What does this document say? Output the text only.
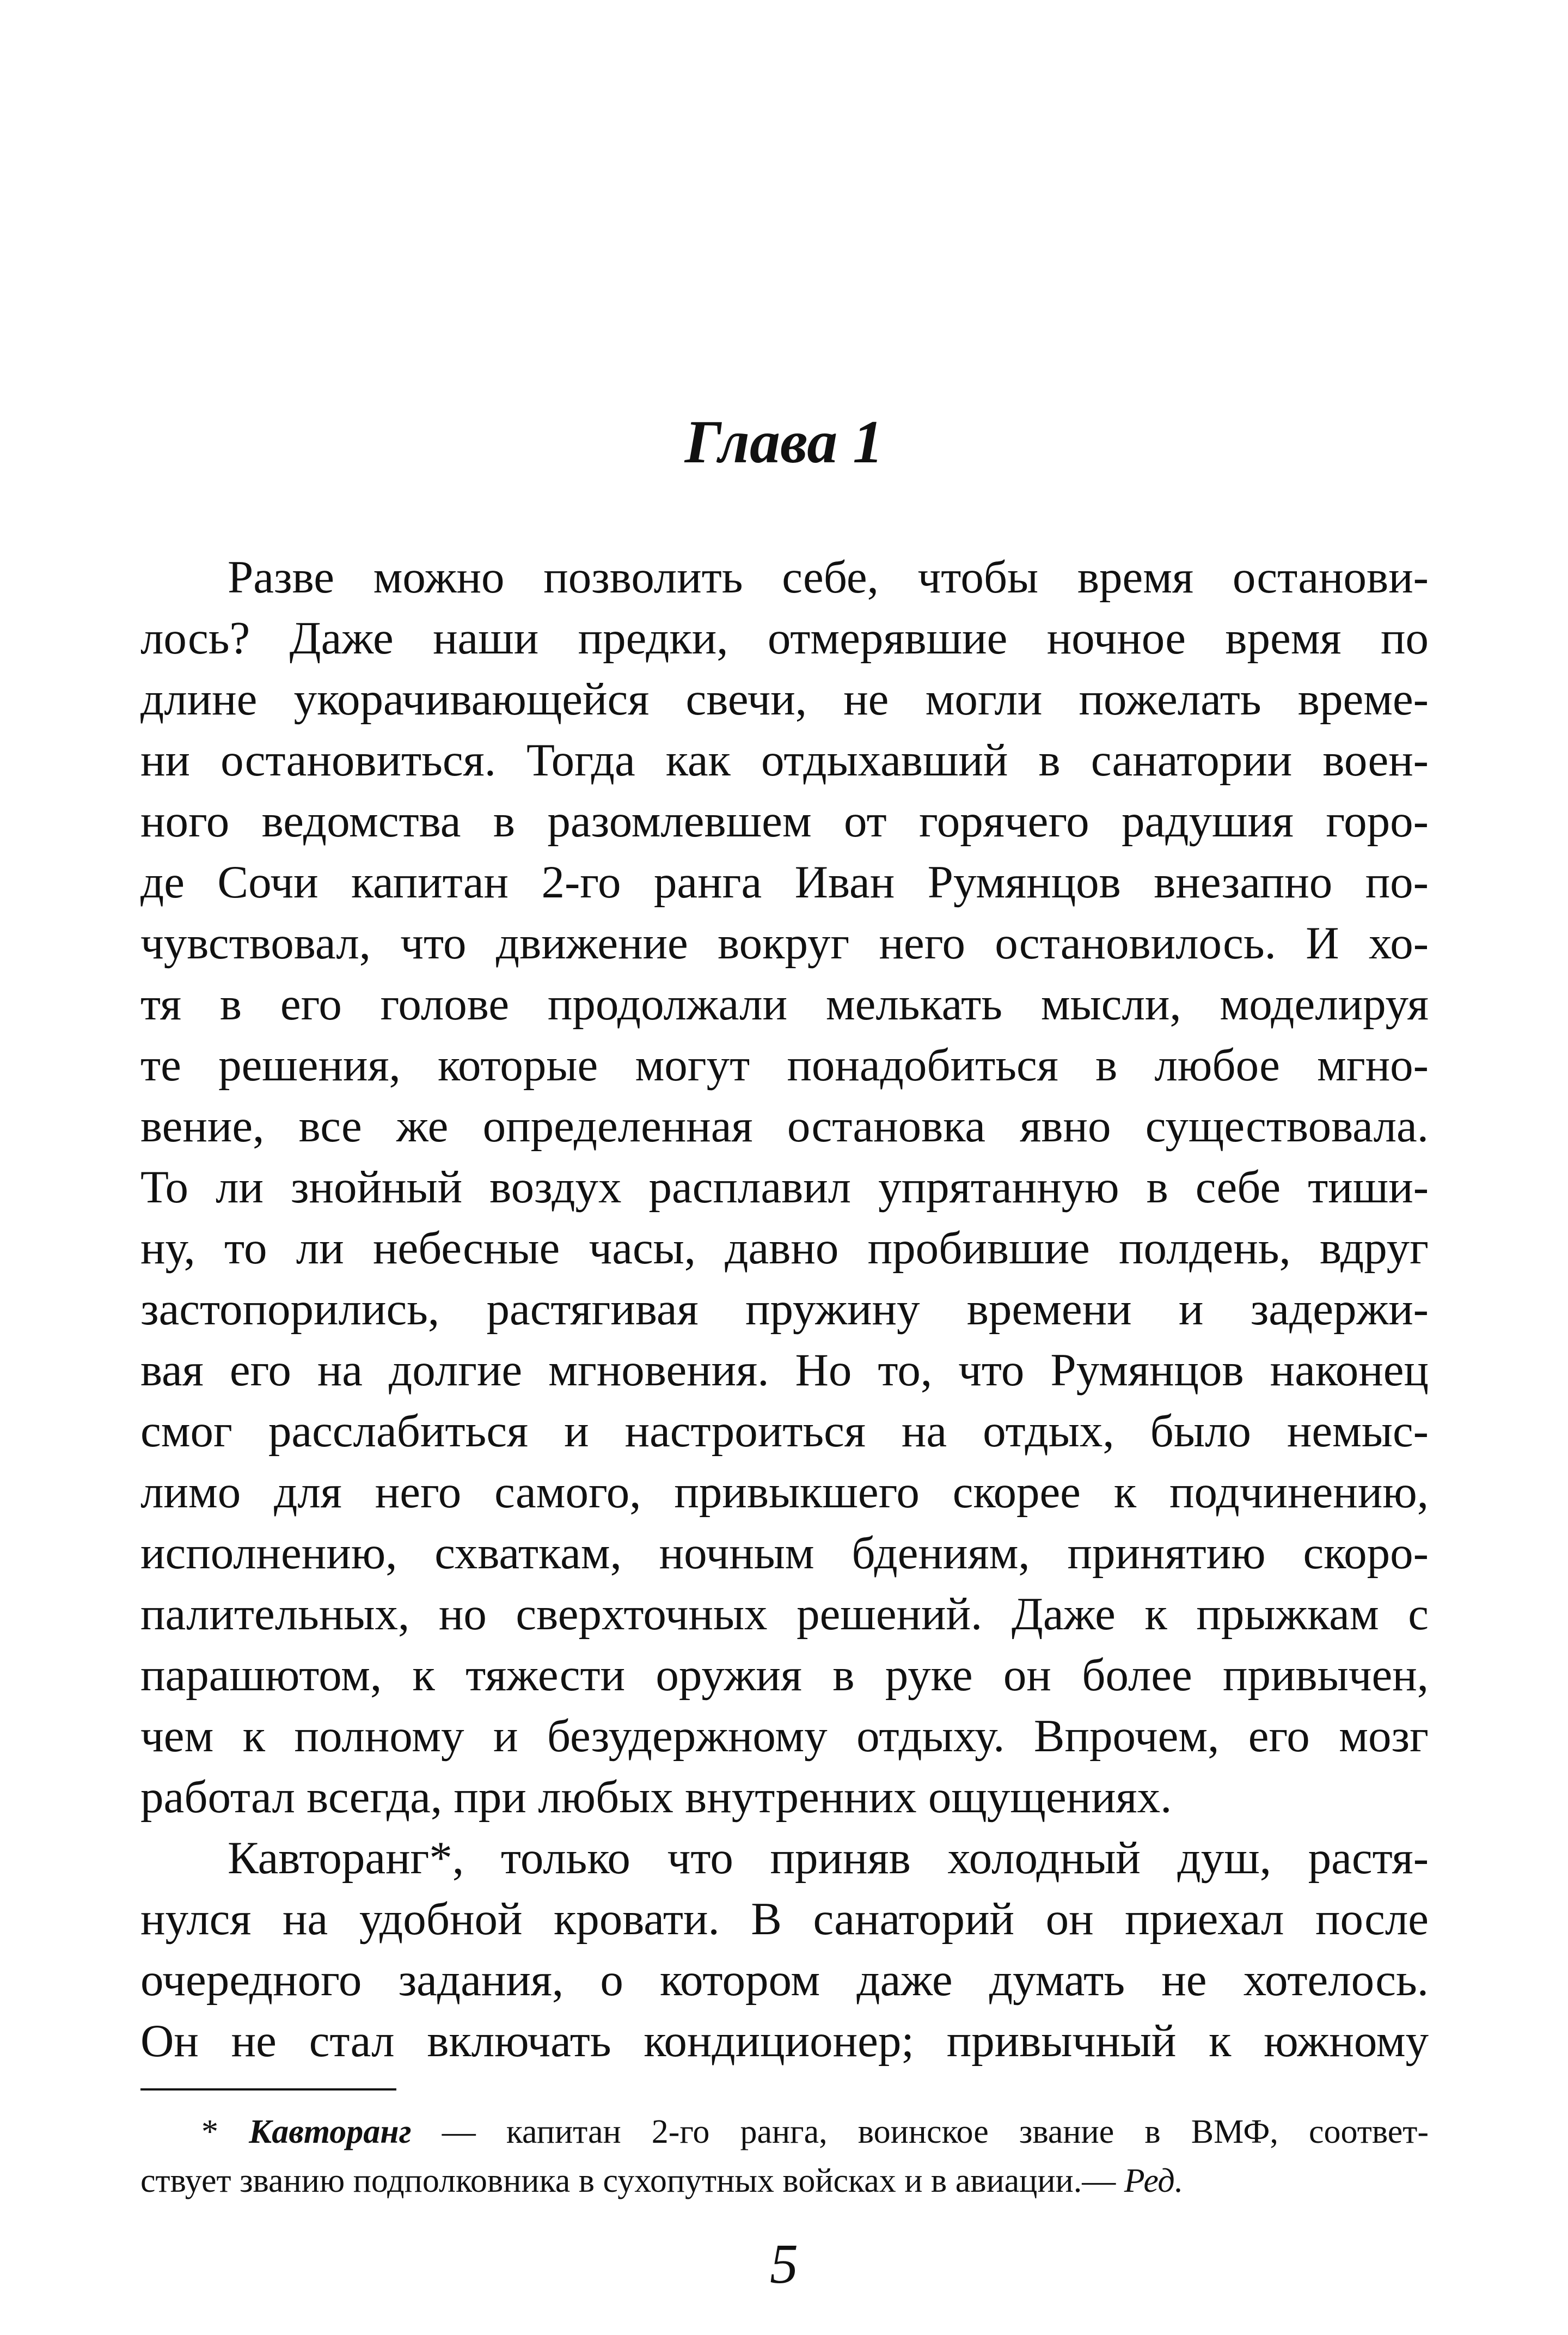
Глава 1
Разве можно позволить себе, чтобы время останови-
лось? Даже наши предки, отмерявшие ночное время по
длине укорачивающейся свечи, не могли пожелать време-
ни остановиться. Тогда как отдыхавший в санатории воен-
ного ведомства в разомлевшем от горячего радушия горо-
де Сочи капитан 2-го ранга Иван Румянцов внезапно по-
чувствовал, что движение вокруг него остановилось. И хо-
тя в его голове продолжали мелькать мысли, моделируя
те решения, которые могут понадобиться в любое мгно-
вение, все же определенная остановка явно существовала.
То ли знойный воздух расплавил упрятанную в себе тиши-
ну, то ли небесные часы, давно пробившие полдень, вдруг
застопорились, растягивая пружину времени и задержи-
вая его на долгие мгновения. Но то, что Румянцов наконец
смог расслабиться и настроиться на отдых, было немыс-
лимо для него самого, привыкшего скорее к подчинению,
исполнению, схваткам, ночным бдениям, принятию скоро-
палительных, но сверхточных решений. Даже к прыжкам с
парашютом, к тяжести оружия в руке он более привычен,
чем к полному и безудержному отдыху. Впрочем, его мозг
работал всегда, при любых внутренних ощущениях.
Кавторанг*, только что приняв холодный душ, растя-
нулся на удобной кровати. В санаторий он приехал после
очередного задания, о котором даже думать не хотелось.
Он не стал включать кондиционер; привычный к южному
* Кавторанг — капитан 2-го ранга, воинское звание в ВМФ, соответ-
ствует званию подполковника в сухопутных войсках и в авиации.— Ред.
5
